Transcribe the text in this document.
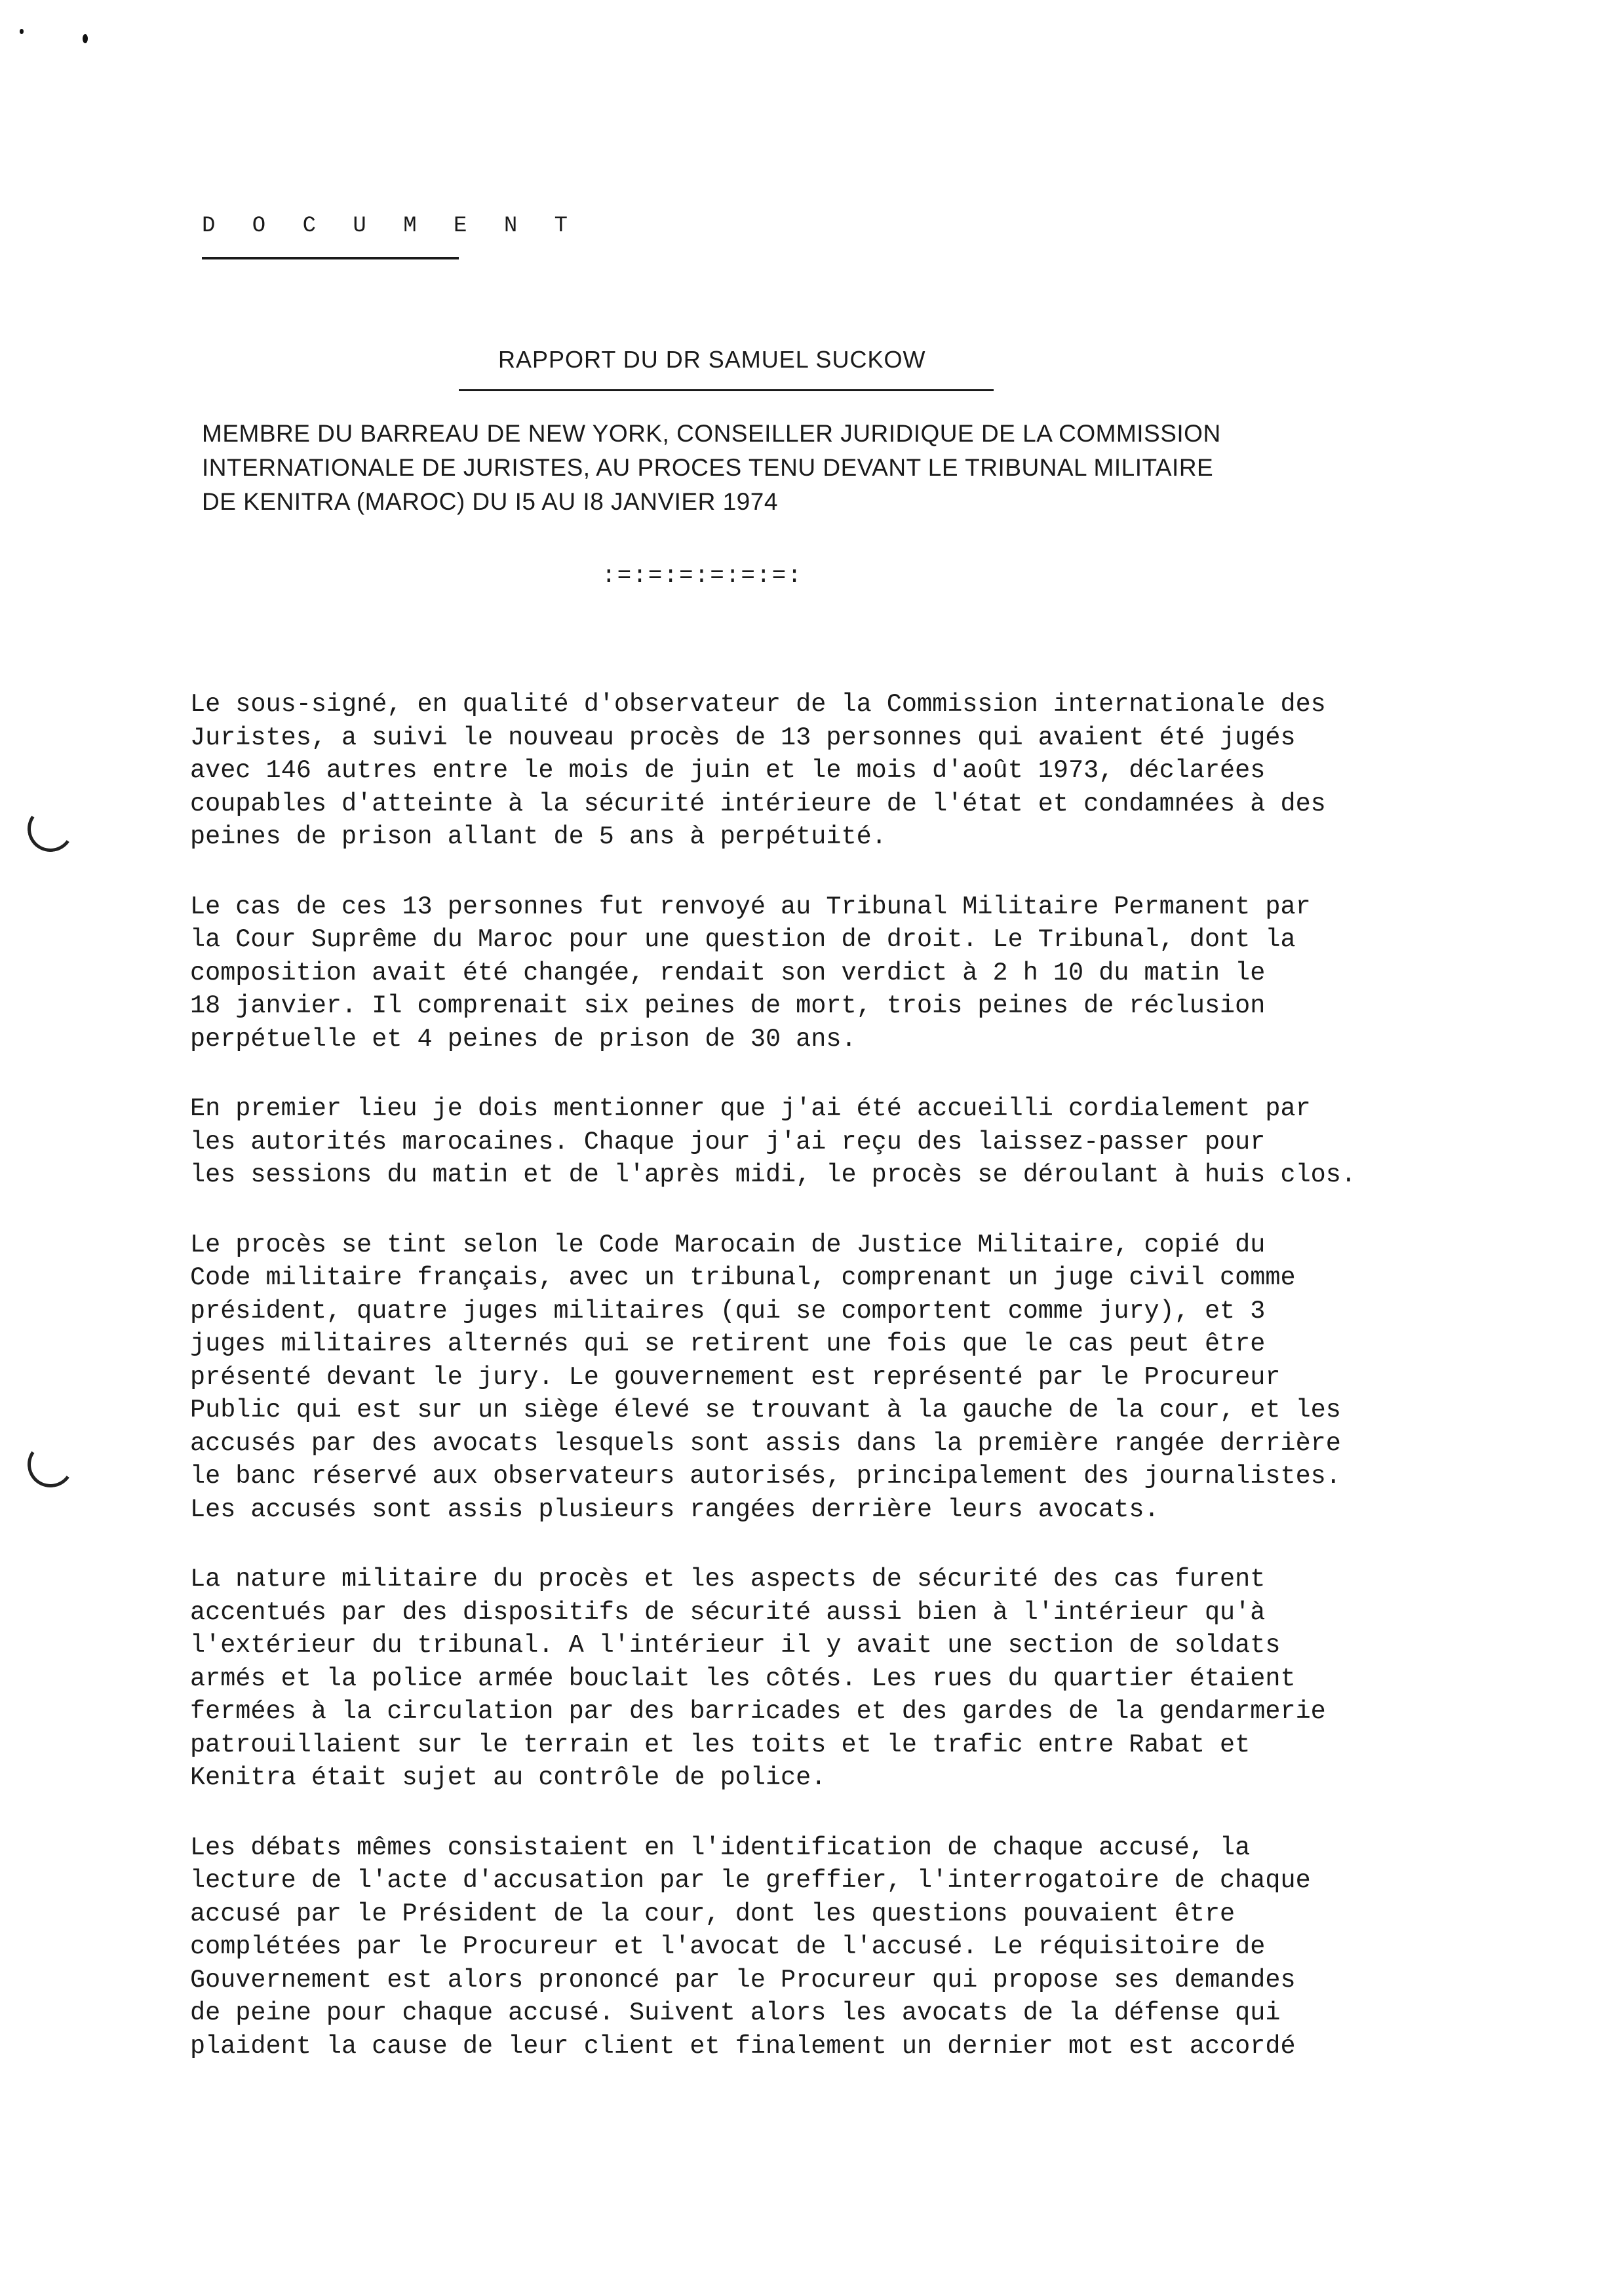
D O C U M E N T
RAPPORT DU DR SAMUEL SUCKOW
MEMBRE DU BARREAU DE NEW YORK, CONSEILLER JURIDIQUE DE LA COMMISSION
INTERNATIONALE DE JURISTES, AU PROCES TENU DEVANT LE TRIBUNAL MILITAIRE
DE KENITRA (MAROC) DU I5 AU I8 JANVIER 1974
:=:=:=:=:=:=:
Le sous-signé, en qualité d'observateur de la Commission internationale des
Juristes, a suivi le nouveau procès de 13 personnes qui avaient été jugés
avec 146 autres entre le mois de juin et le mois d'août 1973, déclarées
coupables d'atteinte à la sécurité intérieure de l'état et condamnées à des
peines de prison allant de 5 ans à perpétuité.
Le cas de ces 13 personnes fut renvoyé au Tribunal Militaire Permanent par
la Cour Suprême du Maroc pour une question de droit. Le Tribunal, dont la
composition avait été changée, rendait son verdict à 2 h 10 du matin le
18 janvier. Il comprenait six peines de mort, trois peines de réclusion
perpétuelle et 4 peines de prison de 30 ans.
En premier lieu je dois mentionner que j'ai été accueilli cordialement par
les autorités marocaines. Chaque jour j'ai reçu des laissez-passer pour
les sessions du matin et de l'après midi, le procès se déroulant à huis clos.
Le procès se tint selon le Code Marocain de Justice Militaire, copié du
Code militaire français, avec un tribunal, comprenant un juge civil comme
président, quatre juges militaires (qui se comportent comme jury), et 3
juges militaires alternés qui se retirent une fois que le cas peut être
présenté devant le jury. Le gouvernement est représenté par le Procureur
Public qui est sur un siège élevé se trouvant à la gauche de la cour, et les
accusés par des avocats lesquels sont assis dans la première rangée derrière
le banc réservé aux observateurs autorisés, principalement des journalistes.
Les accusés sont assis plusieurs rangées derrière leurs avocats.
La nature militaire du procès et les aspects de sécurité des cas furent
accentués par des dispositifs de sécurité aussi bien à l'intérieur qu'à
l'extérieur du tribunal. A l'intérieur il y avait une section de soldats
armés et la police armée bouclait les côtés. Les rues du quartier étaient
fermées à la circulation par des barricades et des gardes de la gendarmerie
patrouillaient sur le terrain et les toits et le trafic entre Rabat et
Kenitra était sujet au contrôle de police.
Les débats mêmes consistaient en l'identification de chaque accusé, la
lecture de l'acte d'accusation par le greffier, l'interrogatoire de chaque
accusé par le Président de la cour, dont les questions pouvaient être
complétées par le Procureur et l'avocat de l'accusé. Le réquisitoire de
Gouvernement est alors prononcé par le Procureur qui propose ses demandes
de peine pour chaque accusé. Suivent alors les avocats de la défense qui
plaident la cause de leur client et finalement un dernier mot est accordé
